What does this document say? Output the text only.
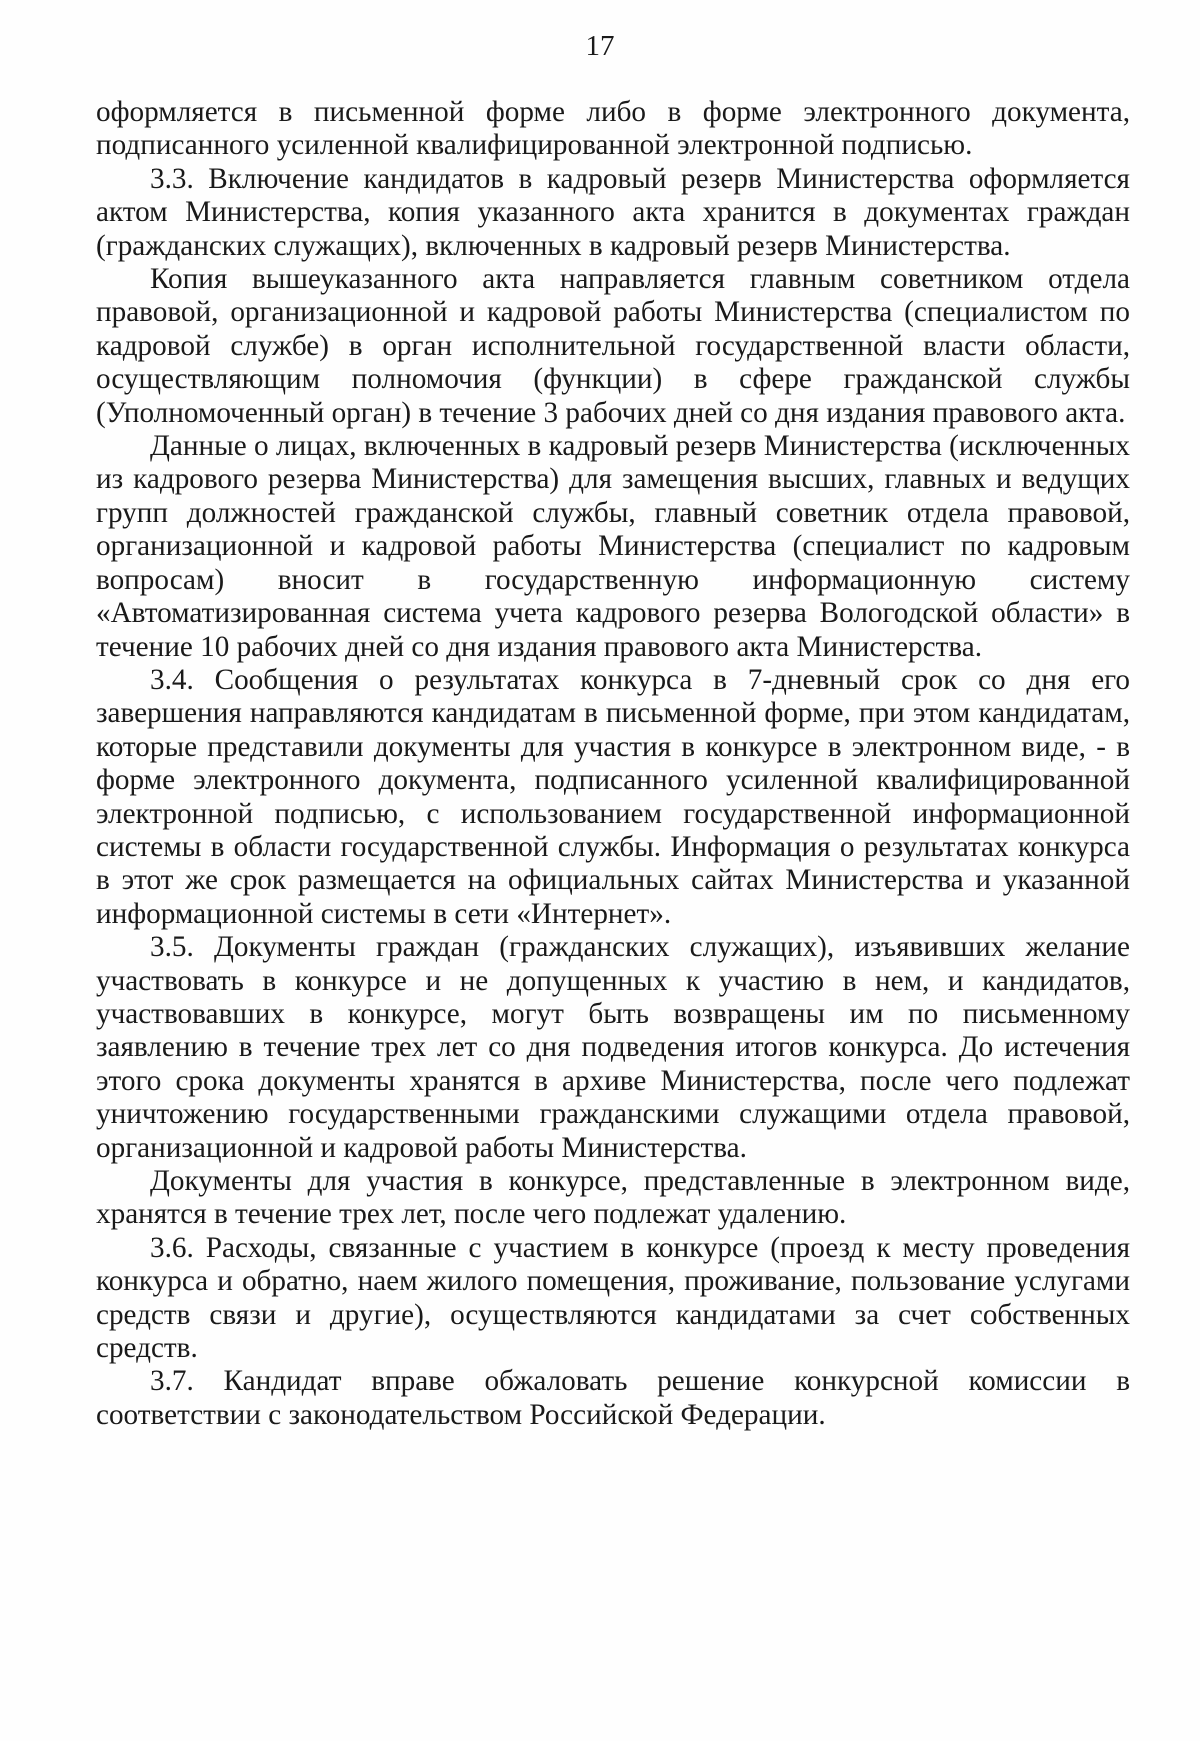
17

оформляется в письменной форме либо в форме электронного документа, подписанного усиленной квалифицированной электронной подписью.

3.3. Включение кандидатов в кадровый резерв Министерства оформляется актом Министерства, копия указанного акта хранится в документах граждан (гражданских служащих), включенных в кадровый резерв Министерства.

Копия вышеуказанного акта направляется главным советником отдела правовой, организационной и кадровой работы Министерства (специалистом по кадровой службе) в орган исполнительной государственной власти области, осуществляющим полномочия (функции) в сфере гражданской службы (Уполномоченный орган) в течение 3 рабочих дней со дня издания правового акта.

Данные о лицах, включенных в кадровый резерв Министерства (исключенных из кадрового резерва Министерства) для замещения высших, главных и ведущих групп должностей гражданской службы, главный советник отдела правовой, организационной и кадровой работы Министерства (специалист по кадровым вопросам) вносит в государственную информационную систему «Автоматизированная система учета кадрового резерва Вологодской области» в течение 10 рабочих дней со дня издания правового акта Министерства.

3.4. Сообщения о результатах конкурса в 7-дневный срок со дня его завершения направляются кандидатам в письменной форме, при этом кандидатам, которые представили документы для участия в конкурсе в электронном виде, - в форме электронного документа, подписанного усиленной квалифицированной электронной подписью, с использованием государственной информационной системы в области государственной службы. Информация о результатах конкурса в этот же срок размещается на официальных сайтах Министерства и указанной информационной системы в сети «Интернет».

3.5. Документы граждан (гражданских служащих), изъявивших желание участвовать в конкурсе и не допущенных к участию в нем, и кандидатов, участвовавших в конкурсе, могут быть возвращены им по письменному заявлению в течение трех лет со дня подведения итогов конкурса. До истечения этого срока документы хранятся в архиве Министерства, после чего подлежат уничтожению государственными гражданскими служащими отдела правовой, организационной и кадровой работы Министерства.

Документы для участия в конкурсе, представленные в электронном виде, хранятся в течение трех лет, после чего подлежат удалению.

3.6. Расходы, связанные с участием в конкурсе (проезд к месту проведения конкурса и обратно, наем жилого помещения, проживание, пользование услугами средств связи и другие), осуществляются кандидатами за счет собственных средств.

3.7. Кандидат вправе обжаловать решение конкурсной комиссии в соответствии с законодательством Российской Федерации.
